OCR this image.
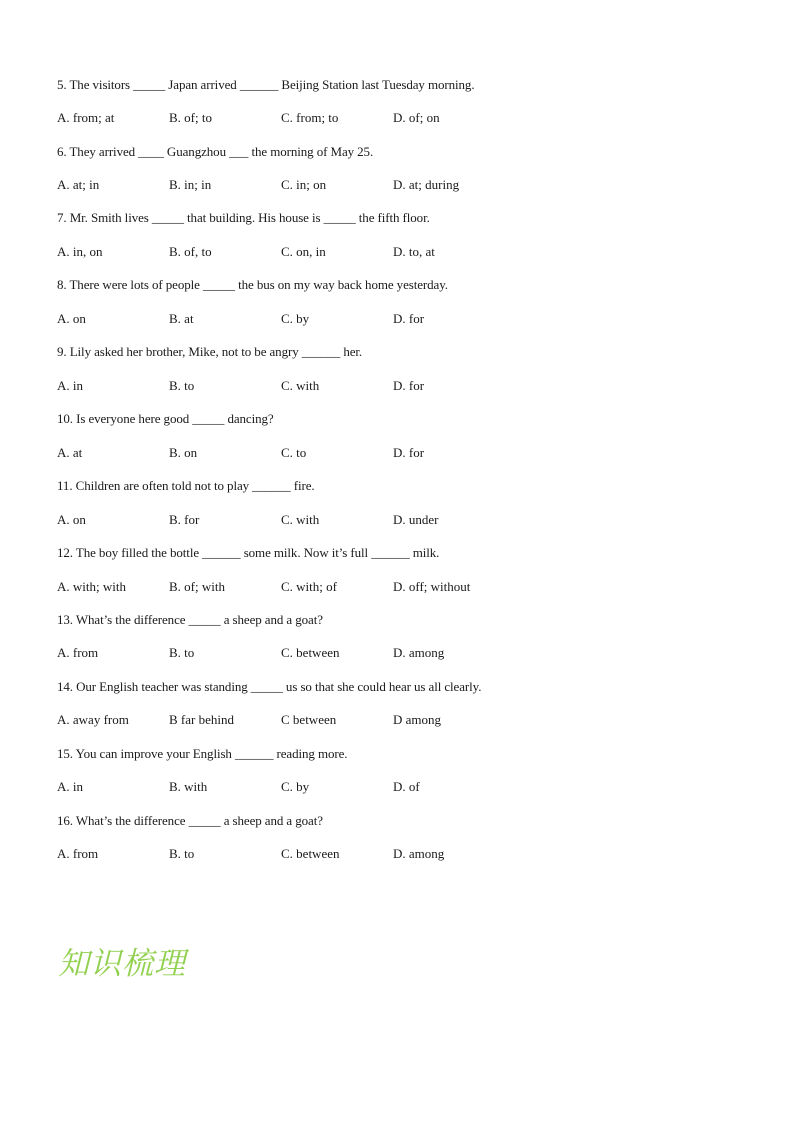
5. The visitors _____ Japan arrived ______ Beijing Station last Tuesday morning.
A. from; at	B. of; to	C. from; to	D. of; on
6. They arrived ____ Guangzhou ___ the morning of May 25.
A. at; in	B. in; in	C. in; on	D. at; during
7. Mr. Smith lives _____ that building. His house is _____ the fifth floor.
A. in, on	B. of, to	C. on, in	D. to, at
8. There were lots of people _____ the bus on my way back home yesterday.
A. on	B. at	C. by	D. for
9. Lily asked her brother, Mike, not to be angry ______ her.
A. in	B. to	C. with	D. for
10. Is everyone here good _____ dancing?
A. at	B. on	C. to	D. for
11. Children are often told not to play ______ fire.
A. on	B. for	C. with	D. under
12. The boy filled the bottle ______ some milk. Now it’s full ______ milk.
A. with; with	B. of; with	C. with; of	D. off; without
13. What’s the difference _____ a sheep and a goat?
A. from	B. to	C. between	D. among
14. Our English teacher was standing _____ us so that she could hear us all clearly.
A. away from	B far behind	C between	D among
15. You can improve your English ______ reading more.
A. in	B. with	C. by	D. of
16. What’s the difference _____ a sheep and a goat?
A. from	B. to	C. between	D. among
知识梳理
